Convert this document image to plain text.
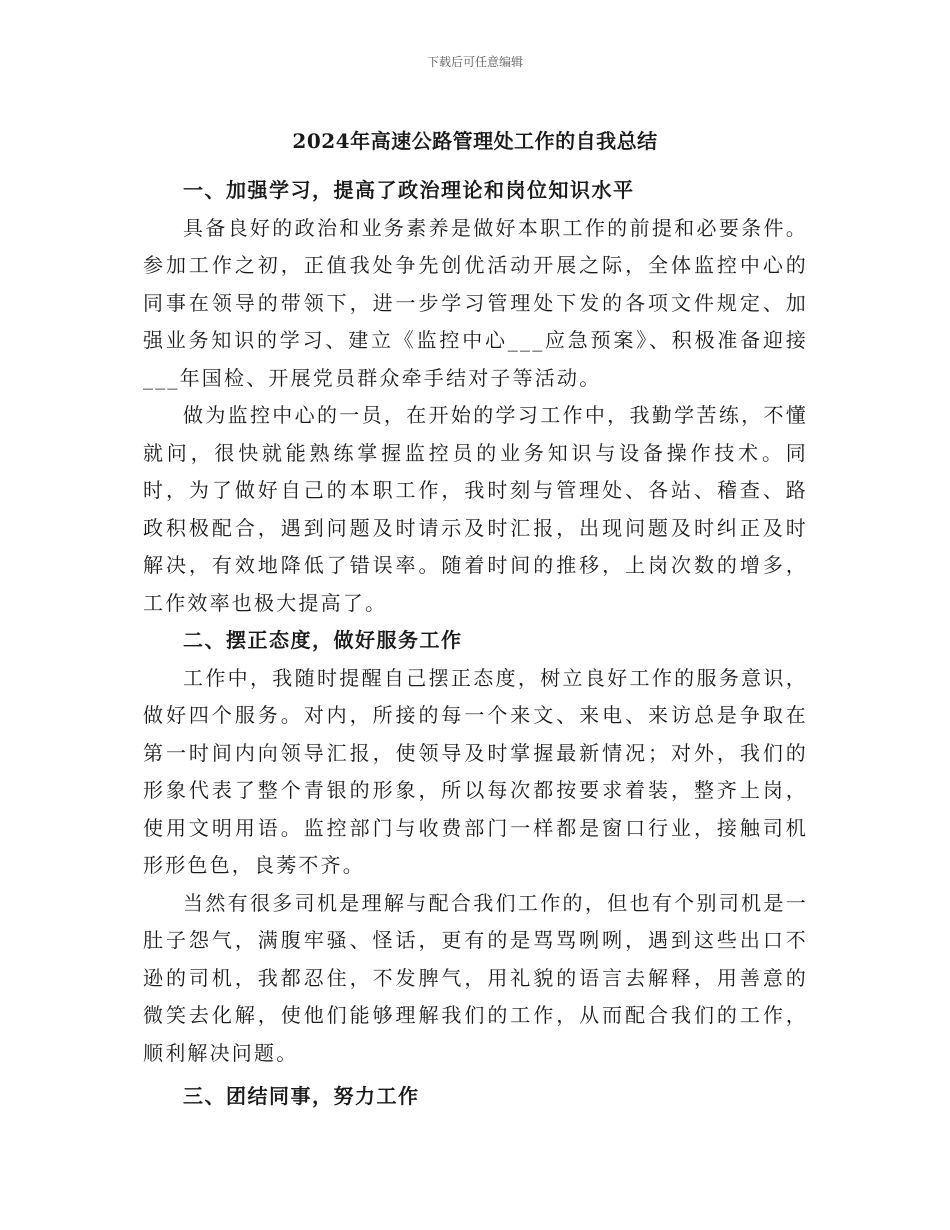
下载后可任意编辑
2024年高速公路管理处工作的自我总结

一、加强学习，提高了政治理论和岗位知识水平

具备良好的政治和业务素养是做好本职工作的前提和必要条件。参加工作之初，正值我处争先创优活动开展之际，全体监控中心的同事在领导的带领下，进一步学习管理处下发的各项文件规定、加强业务知识的学习、建立《监控中心___应急预案》、积极准备迎接___年国检、开展党员群众牵手结对子等活动。

做为监控中心的一员，在开始的学习工作中，我勤学苦练，不懂就问，很快就能熟练掌握监控员的业务知识与设备操作技术。同时，为了做好自己的本职工作，我时刻与管理处、各站、稽查、路政积极配合，遇到问题及时请示及时汇报，出现问题及时纠正及时解决，有效地降低了错误率。随着时间的推移，上岗次数的增多，工作效率也极大提高了。

二、摆正态度，做好服务工作

工作中，我随时提醒自己摆正态度，树立良好工作的服务意识，做好四个服务。对内，所接的每一个来文、来电、来访总是争取在第一时间内向领导汇报，使领导及时掌握最新情况；对外，我们的形象代表了整个青银的形象，所以每次都按要求着装，整齐上岗，使用文明用语。监控部门与收费部门一样都是窗口行业，接触司机形形色色，良莠不齐。

当然有很多司机是理解与配合我们工作的，但也有个别司机是一肚子怨气，满腹牢骚、怪话，更有的是骂骂咧咧，遇到这些出口不逊的司机，我都忍住，不发脾气，用礼貌的语言去解释，用善意的微笑去化解，使他们能够理解我们的工作，从而配合我们的工作，顺利解决问题。

三、团结同事，努力工作
